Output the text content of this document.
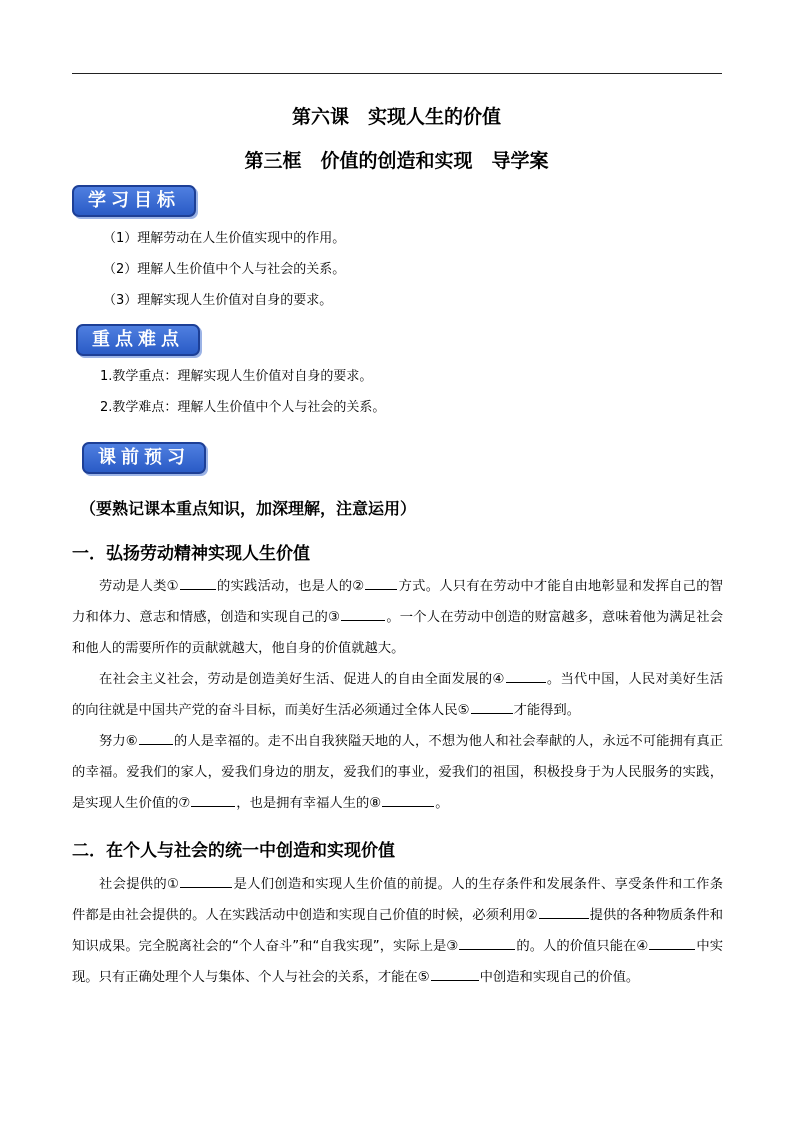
第六课　实现人生的价值
第三框　价值的创造和实现　导学案
学习目标
（1）理解劳动在人生价值实现中的作用。
（2）理解人生价值中个人与社会的关系。
（3）理解实现人生价值对自身的要求。
重点难点
1.教学重点：理解实现人生价值对自身的要求。
2.教学难点：理解人生价值中个人与社会的关系。
课前预习
（要熟记课本重点知识，加深理解，注意运用）
一．弘扬劳动精神实现人生价值
劳动是人类①	的实践活动，也是人的②	方式。人只有在劳动中才能自由地彰显和发挥自己的智力和体力、意志和情感，创造和实现自己的③	。一个人在劳动中创造的财富越多，意味着他为满足社会和他人的需要所作的贡献就越大，他自身的价值就越大。
在社会主义社会，劳动是创造美好生活、促进人的自由全面发展的④	。当代中国，人民对美好生活的向往就是中国共产党的奋斗目标，而美好生活必须通过全体人民⑤	才能得到。
努力⑥	的人是幸福的。走不出自我狭隘天地的人，不想为他人和社会奉献的人，永远不可能拥有真正的幸福。爱我们的家人，爱我们身边的朋友，爱我们的事业，爱我们的祖国，积极投身于为人民服务的实践，是实现人生价值的⑦	，也是拥有幸福人生的⑧	。
二．在个人与社会的统一中创造和实现价值
社会提供的①	是人们创造和实现人生价值的前提。人的生存条件和发展条件、享受条件和工作条件都是由社会提供的。人在实践活动中创造和实现自己价值的时候，必须利用②	提供的各种物质条件和知识成果。完全脱离社会的“个人奋斗”和“自我实现”，实际上是③	的。人的价值只能在④	中实现。只有正确处理个人与集体、个人与社会的关系，才能在⑤	中创造和实现自己的价值。
